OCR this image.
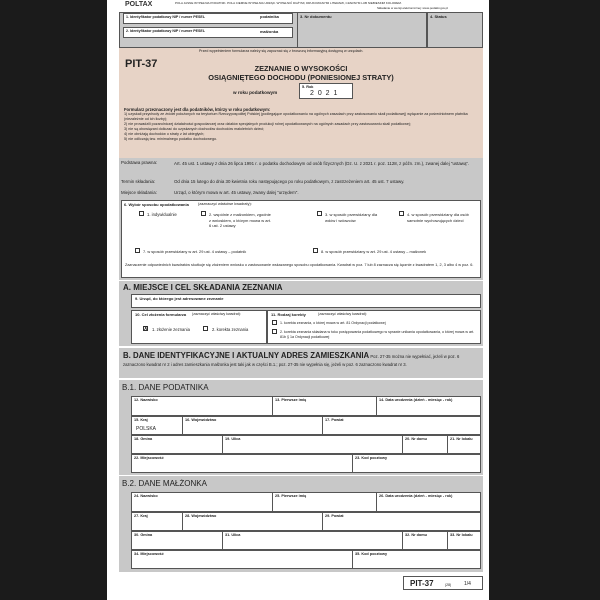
POLTAX	POLA JASNE WYPEŁNIA PODATNIK. POLA CIEMNE WYPEŁNIA URZĄD. WYPEŁNIĆ DUŻYMI, DRUKOWANYMI LITERAMI, CZARNYM LUB NIEBIESKIM KOLOREM.
Składanie w wersji elektronicznej: www.podatki.gov.pl
1. Identyfikator podatkowy NIP / numer PESEL	podatnika
2. Identyfikator podatkowy NIP / numer PESEL	małżonka
3. Nr dokumentu	4. Status
Przed wypełnieniem formularza należy się zapoznać się z broszurą informacyjną dostępną w urzędach.
PIT-37	ZEZNANIE O WYSOKOŚCI
OSIĄGNIĘTEGO DOCHODU (PONIESIONEJ STRATY)
w roku podatkowym
5. Rok
2 0 2 1
Formularz przeznaczony jest dla podatników, którzy w roku podatkowym:
1) uzyskali przychody ze źródeł położonych na terytorium Rzeczypospolitej Polskiej (podlegające opodatkowaniu na ogólnych zasadach przy zastosowaniu skali podatkowej) wyłącznie za pośrednictwem płatnika (niezależnie od ich liczby);
2) nie prowadzili pozarolniczej działalności gospodarczej oraz działów specjalnych produkcji rolnej opodatkowanych na ogólnych zasadach przy zastosowaniu skali podatkowej;
3) nie są obowiązani doliczać do uzyskanych dochodów dochodów małoletnich dzieci;
4) nie obniżają dochodów o straty z lat ubiegłych;
5) nie odliczają tzw. minimalnego podatku dochodowego.
Podstawa prawna:	Art. 45 ust. 1 ustawy z dnia 26 lipca 1991 r. o podatku dochodowym od osób fizycznych (Dz. U. z 2021 r. poz. 1128, z późn. zm.), zwanej dalej "ustawą".
Termin składania:	Od dnia 15 lutego do dnia 30 kwietnia roku następującego po roku podatkowym, z zastrzeżeniem art. 45 ust. 7 ustawy.
Miejsce składania:	Urząd, o którym mowa w art. 45 ustawy, zwany dalej "urzędem".
6. Wybór sposobu opodatkowania (zaznaczyć właściwe kwadraty):
1. indywidualnie	2. wspólnie z małżonkiem, zgodnie z wnioskiem, o którym mowa w art. 6 ust. 2 ustawy
3. w sposób przewidziany dla wdów i wdowców
4. w sposób przewidziany dla osób samotnie wychowujących dzieci
7. w sposób przewidziany w art. 29 ust. 4 ustawy – podatnik	8. w sposób przewidziany w art. 29 ust. 4 ustawy – małżonek
Zaznaczenie odpowiednich kwadratów skutkuje się złożeniem wniosku o zastosowanie wskazanego sposobu opodatkowania. Kwadrat w poz. 7 lub 8 zaznacza się łącznie z kwadratem 1, 2, 3 albo 4 w poz. 6.
A. MIEJSCE I CEL SKŁADANIA ZEZNANIA
9. Urząd, do którego jest adresowane zeznanie
10. Cel złożenia formularza (zaznaczyć właściwy kwadrat):
X 1. złożenie zeznania	2. korekta zeznania
11. Rodzaj korekty	(zaznaczyć właściwy kwadrat):
1. korekta zeznania, o której mowa w art. 81 Ordynacji podatkowej
2. korekta zeznania składana w toku postępowania podatkowego w sprawie unikania opodatkowania, o której mowa w art. 81b § 1a Ordynacji podatkowej
B. DANE IDENTYFIKACYJNE I AKTUALNY ADRES ZAMIESZKANIA Poz. 27-35 można nie wypełniać, jeżeli w poz. 6 zaznaczono kwadrat nr 2 i adres zamieszkania małżonka jest taki jak w części B.1.; poz. 27-35 nie wypełnia się, jeżeli w poz. 6 zaznaczono kwadrat nr 3.
B.1. DANE PODATNIKA
12. Nazwisko	13. Pierwsze imię	14. Data urodzenia (dzień - miesiąc - rok)
15. Kraj
POLSKA
16. Województwo	17. Powiat
18. Gmina	19. Ulica	20. Nr domu	21. Nr lokalu
22. Miejscowość	23. Kod pocztowy
B.2. DANE MAŁŻONKA
24. Nazwisko	25. Pierwsze imię	26. Data urodzenia (dzień - miesiąc - rok)
27. Kraj	28. Województwo	29. Powiat
30. Gmina	31. Ulica	32. Nr domu	33. Nr lokalu
34. Miejscowość	35. Kod pocztowy
PIT-37	(28)	1/4
